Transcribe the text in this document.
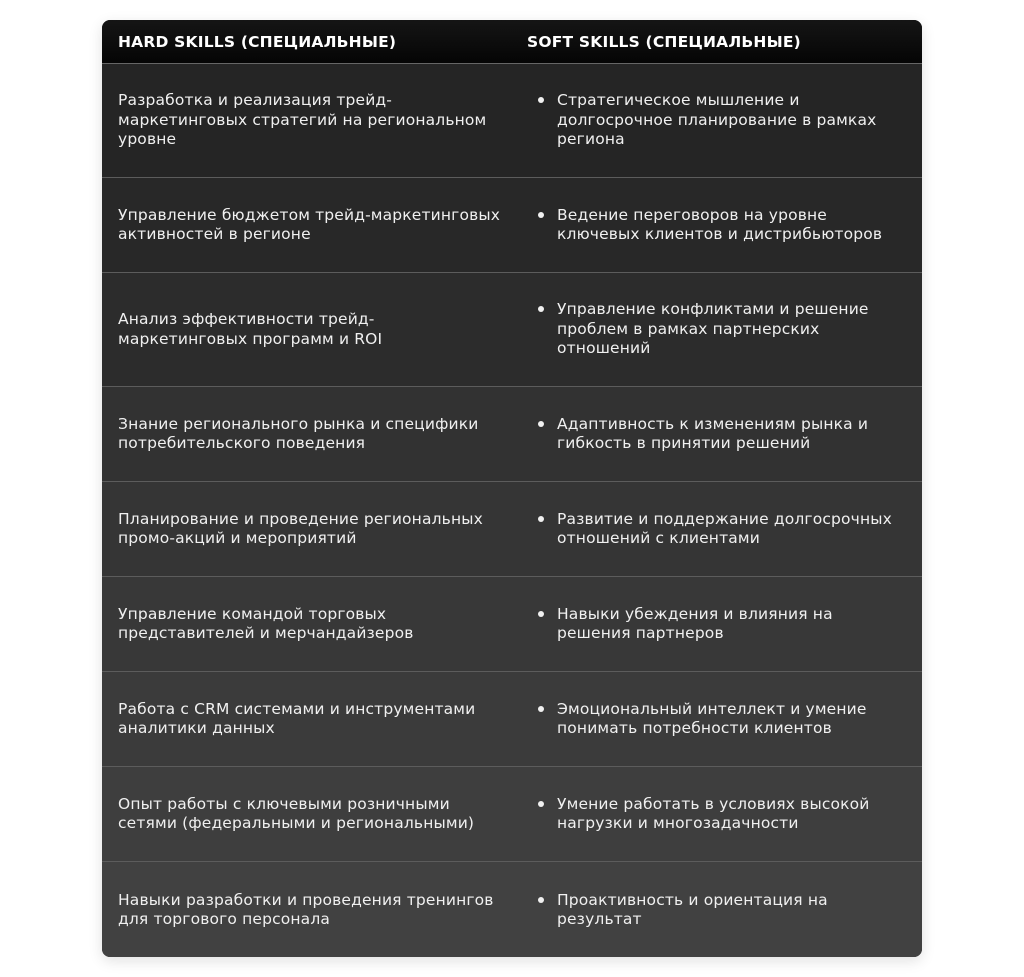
HARD SKILLS (СПЕЦИАЛЬНЫЕ)	SOFT SKILLS (СПЕЦИАЛЬНЫЕ)
Разработка и реализация трейд-маркетинговых стратегий на региональном уровне
Стратегическое мышление и долгосрочное планирование в рамках региона
Управление бюджетом трейд-маркетинговых активностей в регионе
Ведение переговоров на уровне ключевых клиентов и дистрибьюторов
Анализ эффективности трейд-маркетинговых программ и ROI
Управление конфликтами и решение проблем в рамках партнерских отношений
Знание регионального рынка и специфики потребительского поведения
Адаптивность к изменениям рынка и гибкость в принятии решений
Планирование и проведение региональных промо-акций и мероприятий
Развитие и поддержание долгосрочных отношений с клиентами
Управление командой торговых представителей и мерчандайзеров
Навыки убеждения и влияния на решения партнеров
Работа с CRM системами и инструментами аналитики данных
Эмоциональный интеллект и умение понимать потребности клиентов
Опыт работы с ключевыми розничными сетями (федеральными и региональными)
Умение работать в условиях высокой нагрузки и многозадачности
Навыки разработки и проведения тренингов для торгового персонала
Проактивность и ориентация на результат
